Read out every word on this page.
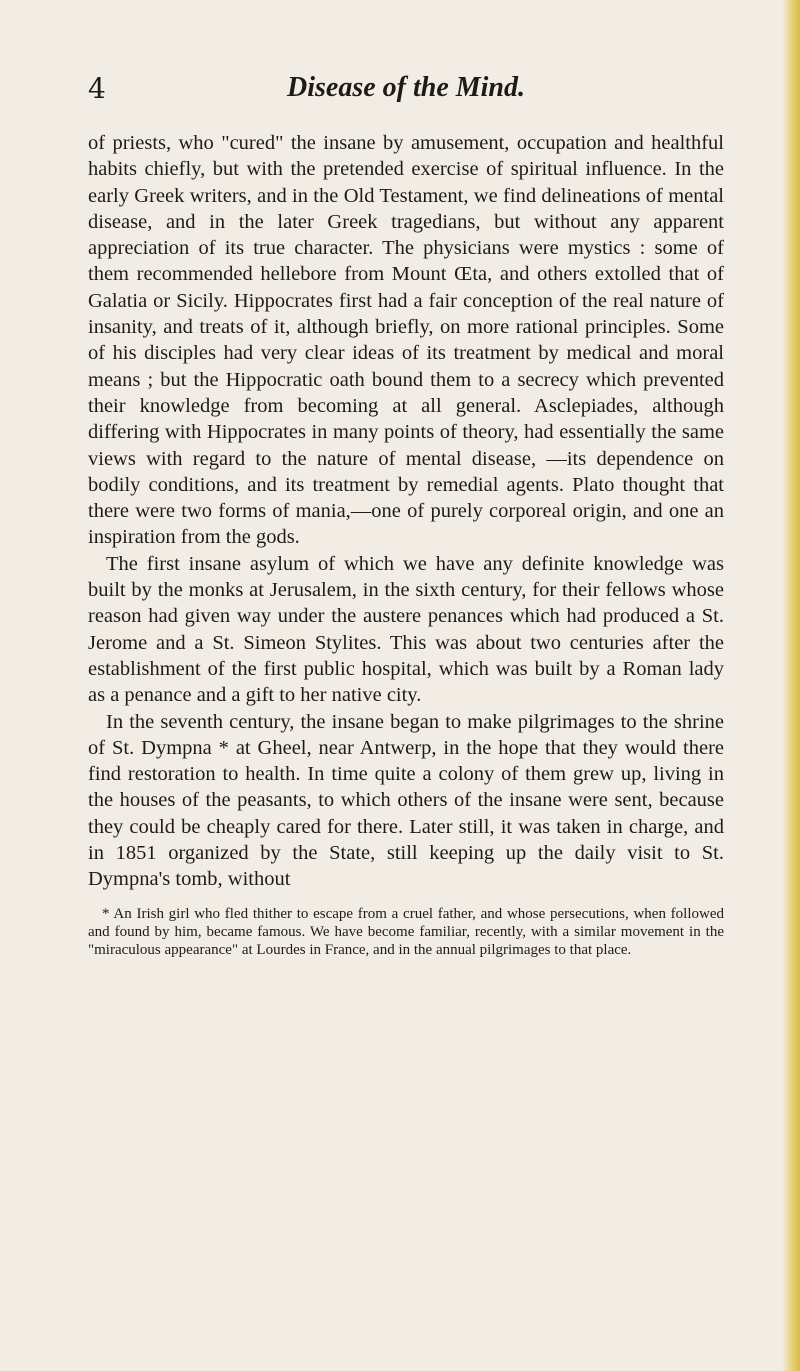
4	Disease of the Mind.

of priests, who "cured" the insane by amusement, occupation and healthful habits chiefly, but with the pretended exercise of spiritual influence. In the early Greek writers, and in the Old Testament, we find delineations of mental disease, and in the later Greek tragedians, but without any apparent appreciation of its true character. The physicians were mystics : some of them recommended hellebore from Mount Œta, and others extolled that of Galatia or Sicily. Hippocrates first had a fair conception of the real nature of insanity, and treats of it, although briefly, on more rational principles. Some of his disciples had very clear ideas of its treatment by medical and moral means ; but the Hippocratic oath bound them to a secrecy which prevented their knowledge from becoming at all general. Asclepiades, although differing with Hippocrates in many points of theory, had essentially the same views with regard to the nature of mental disease, —its dependence on bodily conditions, and its treatment by remedial agents. Plato thought that there were two forms of mania,—one of purely corporeal origin, and one an inspiration from the gods.

The first insane asylum of which we have any definite knowledge was built by the monks at Jerusalem, in the sixth century, for their fellows whose reason had given way under the austere penances which had produced a St. Jerome and a St. Simeon Stylites. This was about two centuries after the establishment of the first public hospital, which was built by a Roman lady as a penance and a gift to her native city.

In the seventh century, the insane began to make pilgrimages to the shrine of St. Dympna * at Gheel, near Antwerp, in the hope that they would there find restoration to health. In time quite a colony of them grew up, living in the houses of the peasants, to which others of the insane were sent, because they could be cheaply cared for there. Later still, it was taken in charge, and in 1851 organized by the State, still keeping up the daily visit to St. Dympna's tomb, without

* An Irish girl who fled thither to escape from a cruel father, and whose persecutions, when followed and found by him, became famous. We have become familiar, recently, with a similar movement in the "miraculous appearance" at Lourdes in France, and in the annual pilgrimages to that place.
